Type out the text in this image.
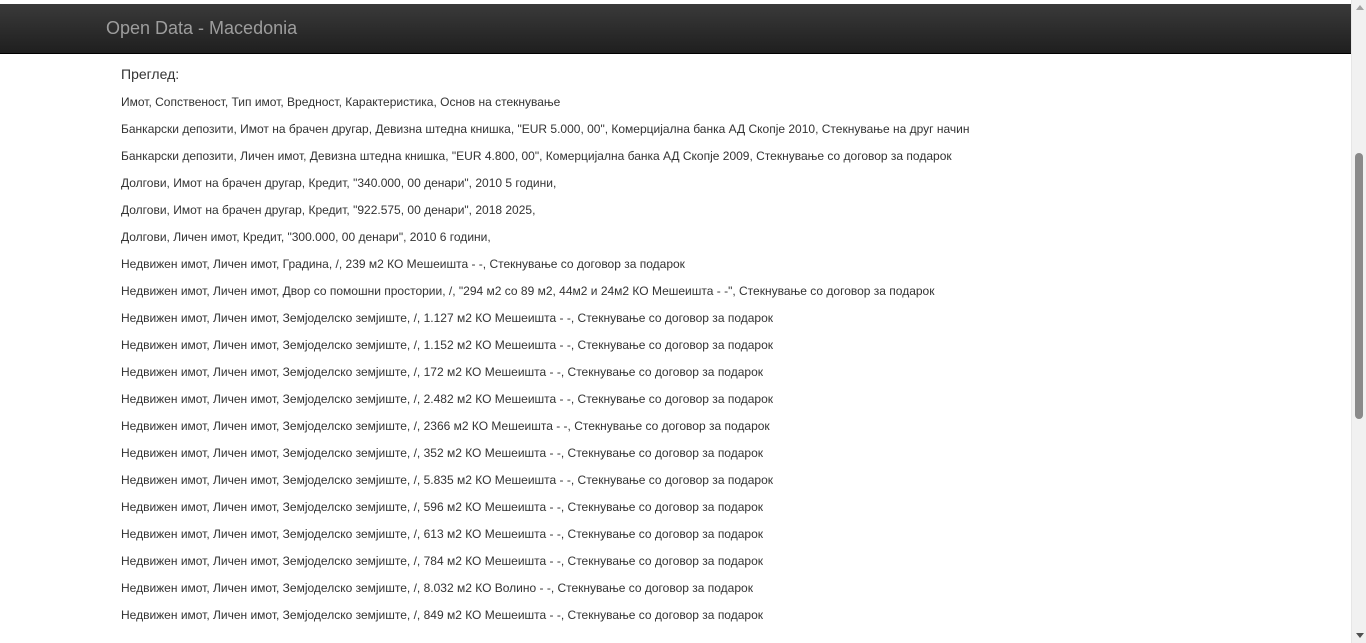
Open Data - Macedonia
Преглед:
Имот, Сопственост, Тип имот, Вредност, Карактеристика, Основ на стекнување
Банкарски депозити, Имот на брачен другар, Девизна штедна книшка, "EUR 5.000, 00", Комерцијална банка АД Скопје 2010, Стекнување на друг начин
Банкарски депозити, Личен имот, Девизна штедна книшка, "EUR 4.800, 00", Комерцијална банка АД Скопје 2009, Стекнување со договор за подарок
Долгови, Имот на брачен другар, Кредит, "340.000, 00 денари", 2010 5 години,
Долгови, Имот на брачен другар, Кредит, "922.575, 00 денари", 2018 2025,
Долгови, Личен имот, Кредит, "300.000, 00 денари", 2010 6 години,
Недвижен имот, Личен имот, Градина, /, 239 м2 КО Мешеишта - -, Стекнување со договор за подарок
Недвижен имот, Личен имот, Двор со помошни простории, /, "294 м2 со 89 м2, 44м2 и 24м2 КО Мешеишта - -", Стекнување со договор за подарок
Недвижен имот, Личен имот, Земјоделско земјиште, /, 1.127 м2 КО Мешеишта - -, Стекнување со договор за подарок
Недвижен имот, Личен имот, Земјоделско земјиште, /, 1.152 м2 КО Мешеишта - -, Стекнување со договор за подарок
Недвижен имот, Личен имот, Земјоделско земјиште, /, 172 м2 КО Мешеишта - -, Стекнување со договор за подарок
Недвижен имот, Личен имот, Земјоделско земјиште, /, 2.482 м2 КО Мешеишта - -, Стекнување со договор за подарок
Недвижен имот, Личен имот, Земјоделско земјиште, /, 2366 м2 КО Мешеишта - -, Стекнување со договор за подарок
Недвижен имот, Личен имот, Земјоделско земјиште, /, 352 м2 КО Мешеишта - -, Стекнување со договор за подарок
Недвижен имот, Личен имот, Земјоделско земјиште, /, 5.835 м2 КО Мешеишта - -, Стекнување со договор за подарок
Недвижен имот, Личен имот, Земјоделско земјиште, /, 596 м2 КО Мешеишта - -, Стекнување со договор за подарок
Недвижен имот, Личен имот, Земјоделско земјиште, /, 613 м2 КО Мешеишта - -, Стекнување со договор за подарок
Недвижен имот, Личен имот, Земјоделско земјиште, /, 784 м2 КО Мешеишта - -, Стекнување со договор за подарок
Недвижен имот, Личен имот, Земјоделско земјиште, /, 8.032 м2 КО Волино - -, Стекнување со договор за подарок
Недвижен имот, Личен имот, Земјоделско земјиште, /, 849 м2 КО Мешеишта - -, Стекнување со договор за подарок
